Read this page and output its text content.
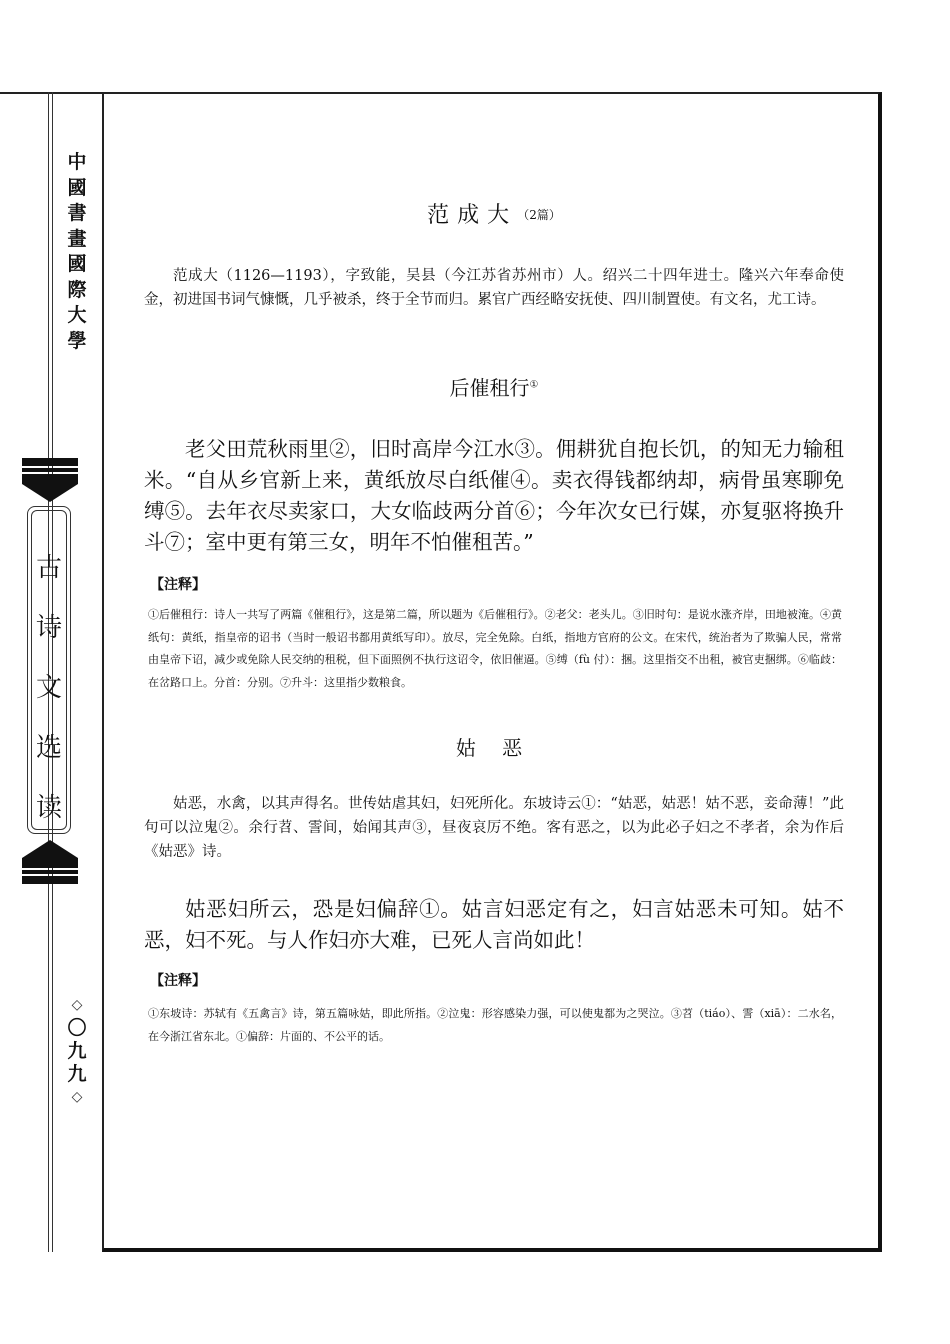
中
國
書
畫
國
際
大
學
古
诗
文
选
读
◇
〇
九
九
◇
范成大（2篇）
范成大（1126—1193），字致能，吴县（今江苏省苏州市）人。绍兴二十四年进士。隆兴六年奉命使金，初进国书词气慷慨，几乎被杀，终于全节而归。累官广西经略安抚使、四川制置使。有文名，尤工诗。
后催租行①
老父田荒秋雨里②，旧时高岸今江水③。佣耕犹自抱长饥，的知无力输租米。“自从乡官新上来，黄纸放尽白纸催④。卖衣得钱都纳却，病骨虽寒聊免缚⑤。去年衣尽卖家口，大女临歧两分首⑥；今年次女已行媒，亦复驱将换升斗⑦；室中更有第三女，明年不怕催租苦。”
【注释】
①后催租行：诗人一共写了两篇《催租行》，这是第二篇，所以题为《后催租行》。②老父：老头儿。③旧时句：是说水涨齐岸，田地被淹。④黄纸句：黄纸，指皇帝的诏书（当时一般诏书都用黄纸写印）。放尽，完全免除。白纸，指地方官府的公文。在宋代，统治者为了欺骗人民，常常由皇帝下诏，减少或免除人民交纳的租税，但下面照例不执行这诏令，依旧催逼。⑤缚（fù 付）：捆。这里指交不出租，被官吏捆绑。⑥临歧：在岔路口上。分首：分别。⑦升斗：这里指少数粮食。
姑 恶
姑恶，水禽，以其声得名。世传姑虐其妇，妇死所化。东坡诗云①：“姑恶，姑恶！姑不恶，妾命薄！”此句可以泣鬼②。余行苕、霅间，始闻其声③，昼夜哀厉不绝。客有恶之，以为此必子妇之不孝者，余为作后《姑恶》诗。
姑恶妇所云，恐是妇偏辞①。姑言妇恶定有之，妇言姑恶未可知。姑不恶，妇不死。与人作妇亦大难，已死人言尚如此！
【注释】
①东坡诗：苏轼有《五禽言》诗，第五篇咏姑，即此所指。②泣鬼：形容感染力强，可以使鬼都为之哭泣。③苕（tiáo）、霅（xiā）：二水名，在今浙江省东北。①偏辞：片面的、不公平的话。
